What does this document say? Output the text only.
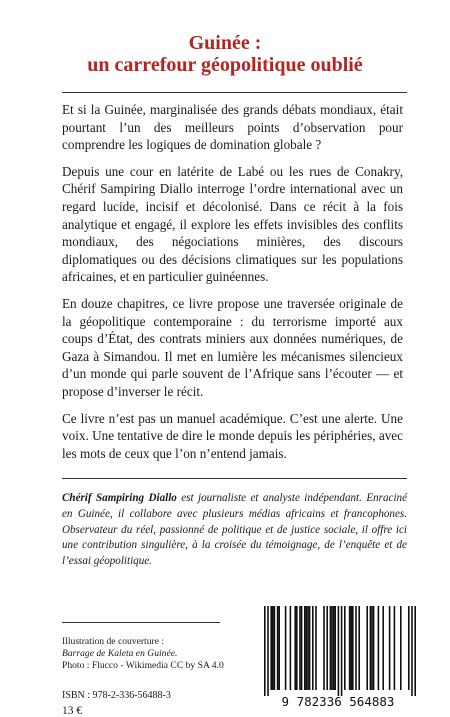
Guinée :
un carrefour géopolitique oublié

Et si la Guinée, marginalisée des grands débats mondiaux, était pourtant l’un des meilleurs points d’observation pour comprendre les logiques de domination globale ?

Depuis une cour en latérite de Labé ou les rues de Conakry, Chérif Sampiring Diallo interroge l’ordre international avec un regard lucide, incisif et décolonisé. Dans ce récit à la fois analytique et engagé, il explore les effets invisibles des conflits mondiaux, des négociations minières, des discours diplomatiques ou des décisions climatiques sur les populations africaines, et en particulier guinéennes.

En douze chapitres, ce livre propose une traversée originale de la géopolitique contemporaine : du terrorisme importé aux coups d’État, des contrats miniers aux données numériques, de Gaza à Simandou. Il met en lumière les mécanismes silencieux d’un monde qui parle souvent de l’Afrique sans l’écouter — et propose d’inverser le récit.

Ce livre n’est pas un manuel académique. C’est une alerte. Une voix. Une tentative de dire le monde depuis les périphéries, avec les mots de ceux que l’on n’entend jamais.

Chérif Sampiring Diallo est journaliste et analyste indépendant. Enraciné en Guinée, il collabore avec plusieurs médias africains et francophones. Observateur du réel, passionné de politique et de justice sociale, il offre ici une contribution singulière, à la croisée du témoignage, de l’enquête et de l’essai géopolitique.

Illustration de couverture :
Barrage de Kaleta en Guinée.
Photo : Flucco - Wikimedia CC by SA 4.0
ISBN : 978-2-336-56488-3
13 €
9 782336 564883
